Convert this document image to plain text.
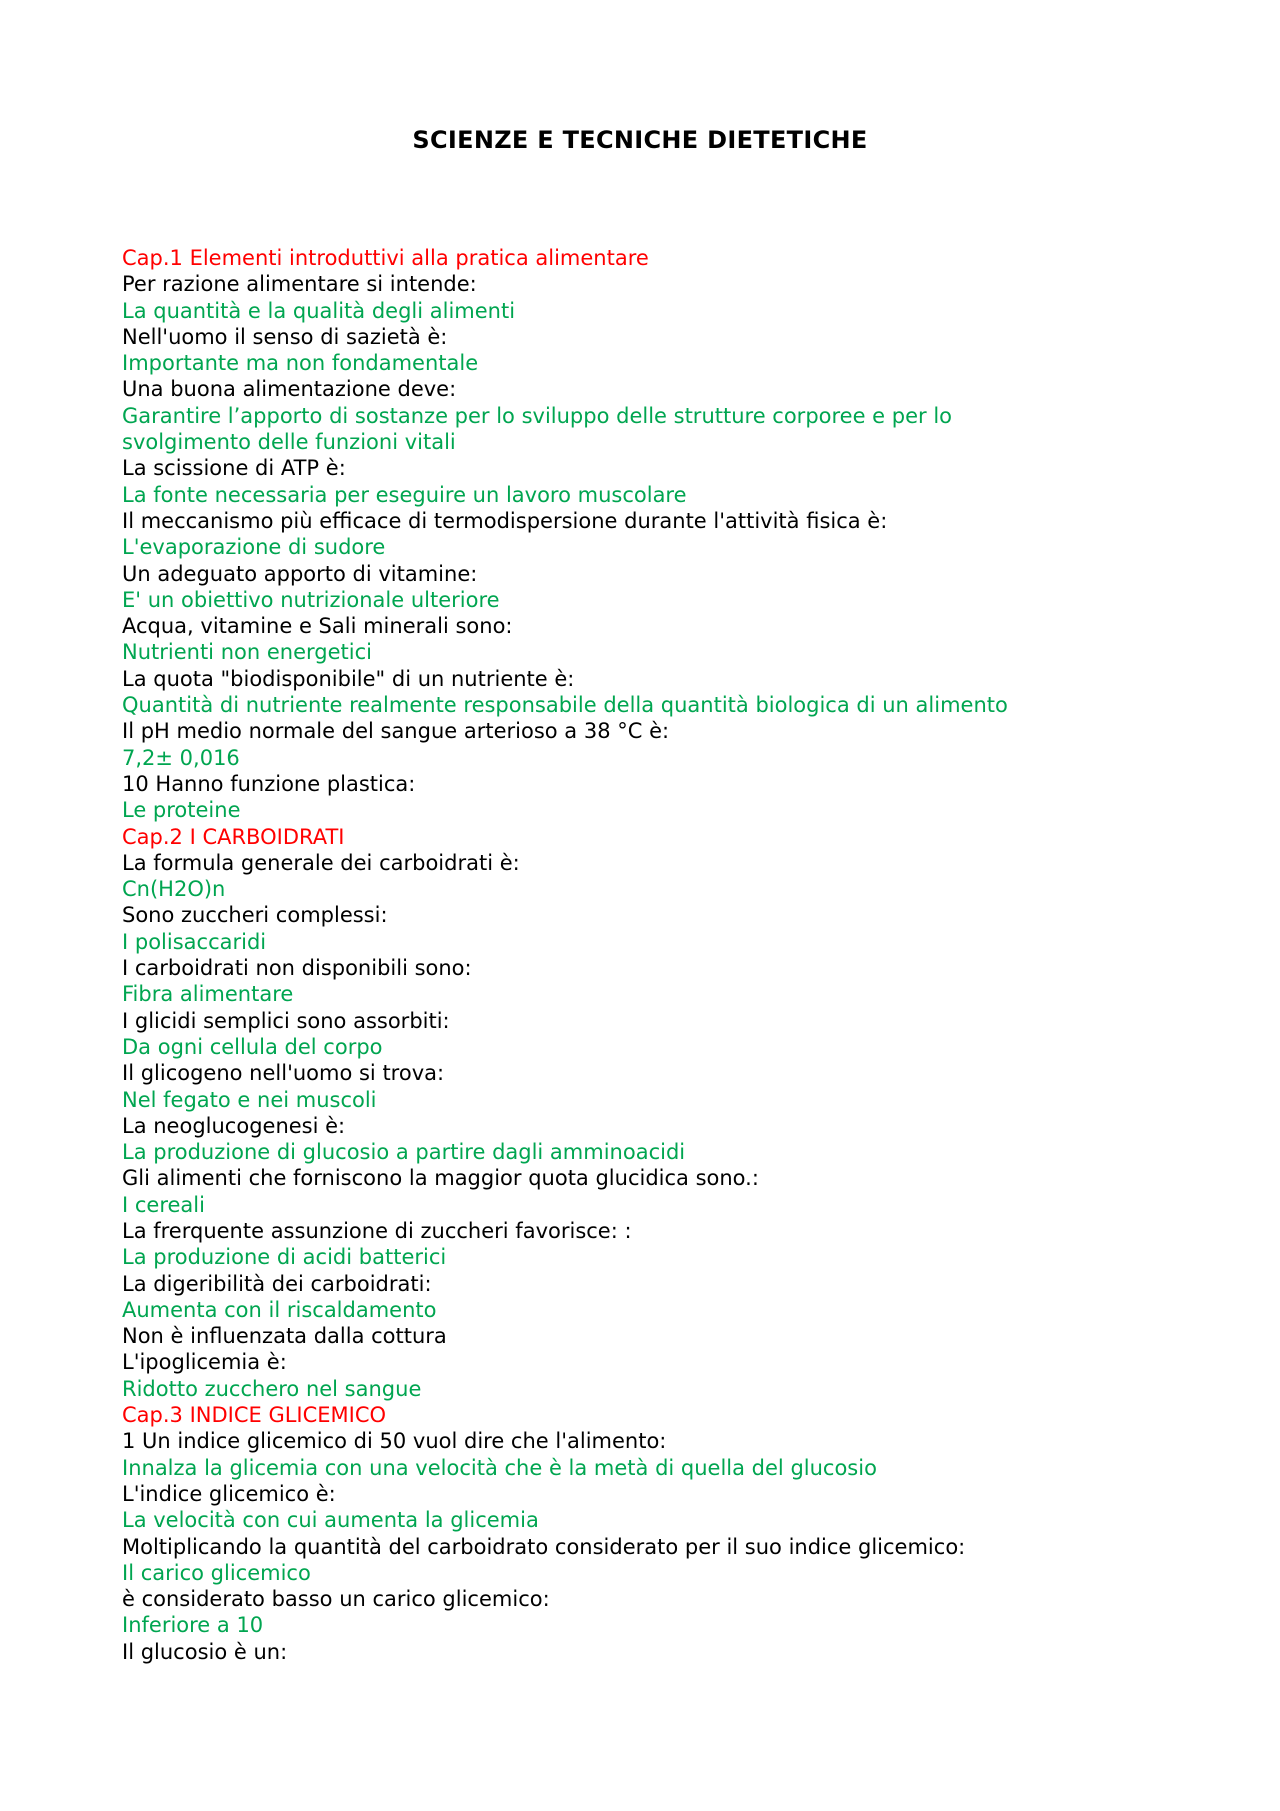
SCIENZE E TECNICHE DIETETICHE
Cap.1 Elementi introduttivi alla pratica alimentare
Per razione alimentare si intende:
La quantità e la qualità degli alimenti
Nell'uomo il senso di sazietà è:
Importante ma non fondamentale
Una buona alimentazione deve:
Garantire l’apporto di sostanze per lo sviluppo delle strutture corporee e per lo
svolgimento delle funzioni vitali
La scissione di ATP è:
La fonte necessaria per eseguire un lavoro muscolare
Il meccanismo più efficace di termodispersione durante l'attività fisica è:
L'evaporazione di sudore
Un adeguato apporto di vitamine:
E' un obiettivo nutrizionale ulteriore
Acqua, vitamine e Sali minerali sono:
Nutrienti non energetici
La quota "biodisponibile" di un nutriente è:
Quantità di nutriente realmente responsabile della quantità biologica di un alimento
Il pH medio normale del sangue arterioso a 38 °C è:
7,2± 0,016
10 Hanno funzione plastica:
Le proteine
Cap.2 I CARBOIDRATI
La formula generale dei carboidrati è:
Cn(H2O)n
Sono zuccheri complessi:
I polisaccaridi
I carboidrati non disponibili sono:
Fibra alimentare
I glicidi semplici sono assorbiti:
Da ogni cellula del corpo
Il glicogeno nell'uomo si trova:
Nel fegato e nei muscoli
La neoglucogenesi è:
La produzione di glucosio a partire dagli amminoacidi
Gli alimenti che forniscono la maggior quota glucidica sono.:
I cereali
La frerquente assunzione di zuccheri favorisce: :
La produzione di acidi batterici
La digeribilità dei carboidrati:
Aumenta con il riscaldamento
Non è influenzata dalla cottura
L'ipoglicemia è:
Ridotto zucchero nel sangue
Cap.3 INDICE GLICEMICO
1 Un indice glicemico di 50 vuol dire che l'alimento:
Innalza la glicemia con una velocità che è la metà di quella del glucosio
L'indice glicemico è:
La velocità con cui aumenta la glicemia
Moltiplicando la quantità del carboidrato considerato per il suo indice glicemico:
Il carico glicemico
è considerato basso un carico glicemico:
Inferiore a 10
Il glucosio è un:
